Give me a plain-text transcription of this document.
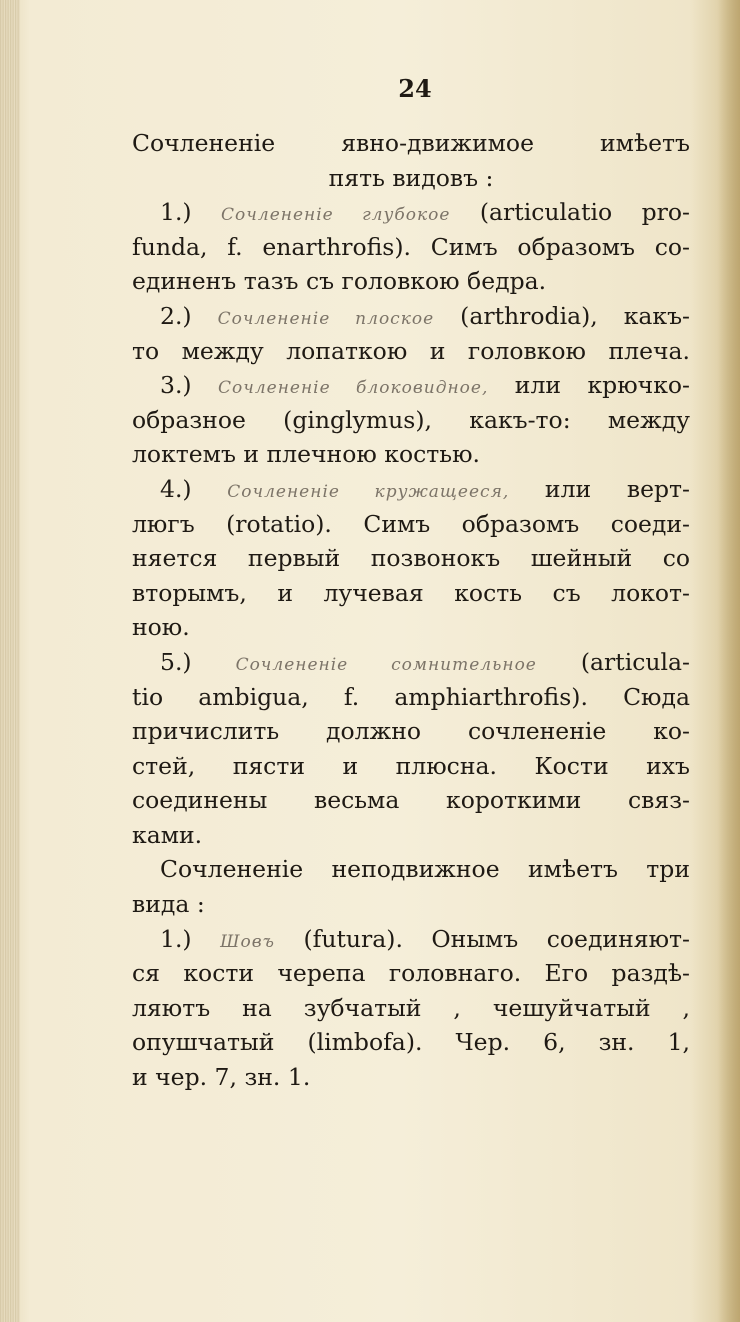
24
Сочлененіе явно-движимое имѣетъ
пять видовъ :
1.) Сочлененіе глубокое (articulatio pro-
funda, f. enarthrofis). Симъ образомъ со-
единенъ тазъ съ головкою бедра.
2.) Сочлененіе плоское (arthrodia), какъ-
то между лопаткою и головкою плеча.
3.) Сочлененіе блоковидное, или крючко-
образное (ginglymus), какъ-то: между
локтемъ и плечною костью.
4.) Сочлененіе кружащееся, или верт-
люгъ (rotatio). Симъ образомъ соеди-
няется первый позвонокъ шейный со
вторымъ, и лучевая кость съ локот-
ною.
5.)	Сочлененіе сомнительное (articula-
tio ambigua, f. amphiarthrofis). Сюда
причислить должно сочлененіе ко-
стей, пясти и плюсна. Кости ихъ
соединены весьма короткими связ-
ками.
Сочлененіе неподвижное имѣетъ три
вида :
1.) Шовъ (futura). Онымъ соединяют-
ся кости черепа головнаго. Его раздѣ-
ляютъ на зубчатый , чешуйчатый ,
опушчатый (limbofa). Чер. 6, зн. 1,
и чер. 7, зн. 1.
